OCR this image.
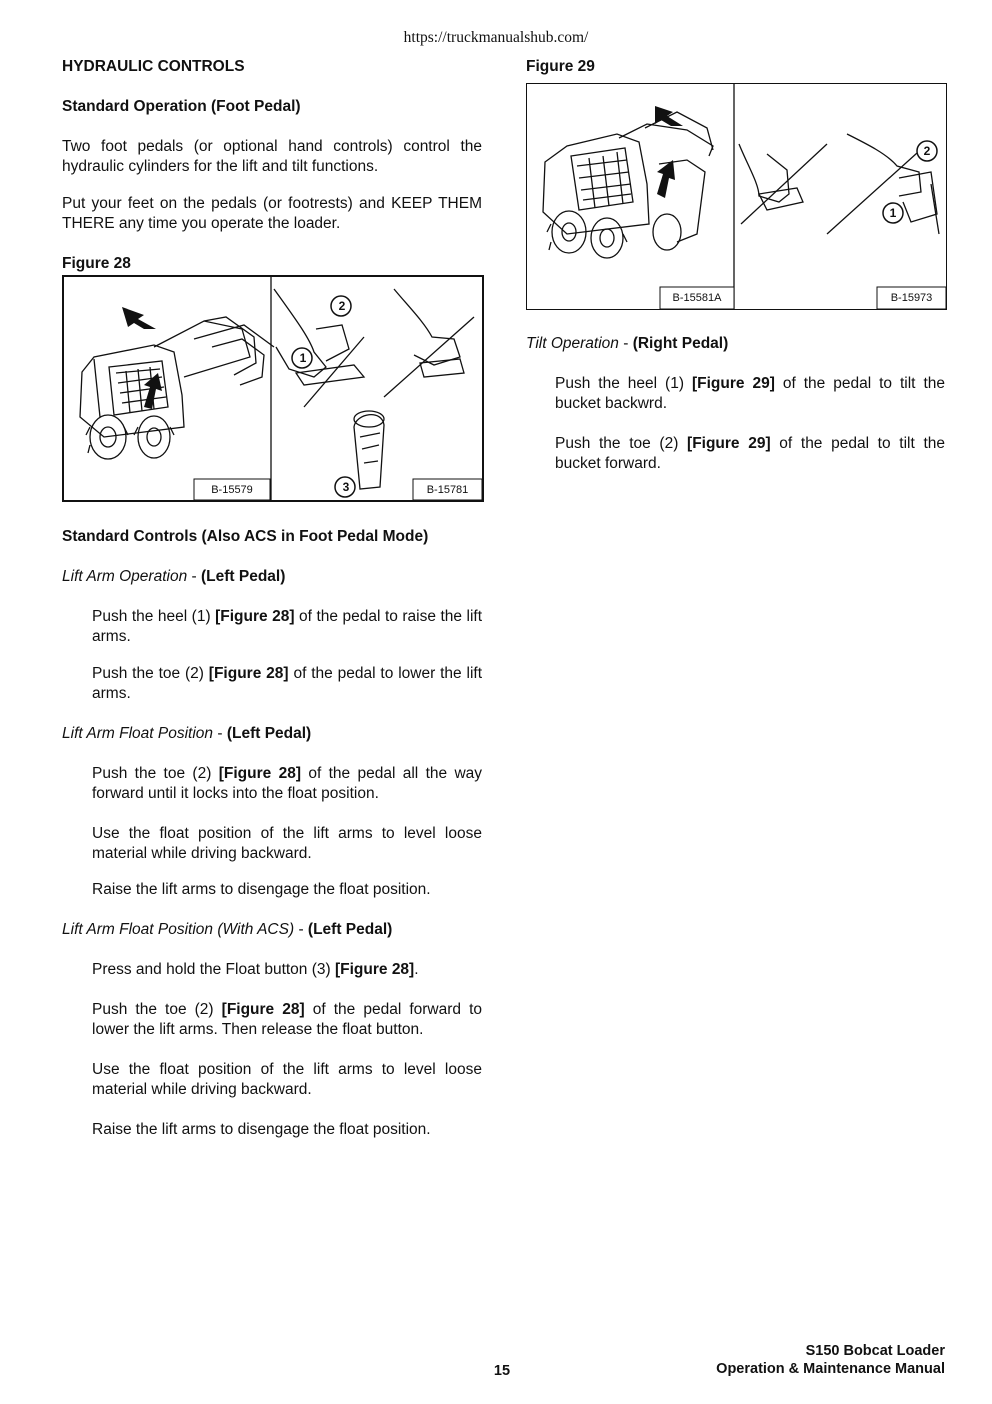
https://truckmanualshub.com/
HYDRAULIC CONTROLS
Standard Operation (Foot Pedal)
Two foot pedals (or optional hand controls) control the hydraulic cylinders for the lift and tilt functions.
Put your feet on the pedals (or footrests) and KEEP THEM THERE any time you operate the loader.
Figure 28
2
1
3
B-15579	B-15781
Standard Controls (Also ACS in Foot Pedal Mode)
Lift Arm Operation - (Left Pedal)
Push the heel (1) [Figure 28] of the pedal to raise the lift arms.
Push the toe (2) [Figure 28] of the pedal to lower the lift arms.
Lift Arm Float Position - (Left Pedal)
Push the toe (2) [Figure 28] of the pedal all the way forward until it locks into the float position.
Use the float position of the lift arms to level loose material while driving backward.
Raise the lift arms to disengage the float position.
Lift Arm Float Position (With ACS) - (Left Pedal)
Press and hold the Float button (3) [Figure 28].
Push the toe (2) [Figure 28] of the pedal forward to lower the lift arms. Then release the float button.
Use the float position of the lift arms to level loose material while driving backward.
Raise the lift arms to disengage the float position.
Figure 29
2
1
B-15581A	B-15973
Tilt Operation - (Right Pedal)
Push the heel (1) [Figure 29] of the pedal to tilt the bucket backwrd.
Push the toe (2) [Figure 29] of the pedal to tilt the bucket forward.
15
S150 Bobcat Loader
Operation & Maintenance Manual
